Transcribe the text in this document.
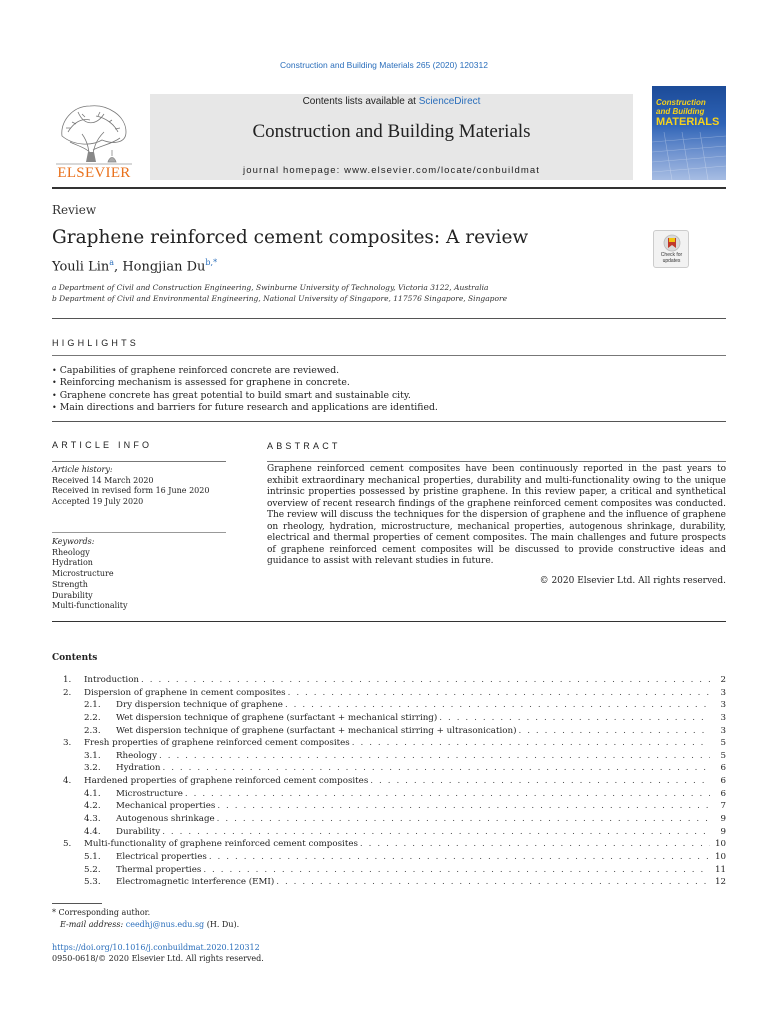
Construction and Building Materials 265 (2020) 120312
ELSEVIER
Contents lists available at ScienceDirect
Construction and Building Materials
journal homepage: www.elsevier.com/locate/conbuildmat
Construction
and Building
MATERIALS
Review
Graphene reinforced cement composites: A review
Check for updates
Youli Lin$^a$, Hongjian $Du^{b,*}$
a Department of Civil and Construction Engineering, Swinburne University of Technology, Victoria 3122, Australia
b Department of Civil and Environmental Engineering, National University of Singapore, 117576 Singapore, Singapore
HIGHLIGHTS
• Capabilities of graphene reinforced concrete are reviewed.
• Reinforcing mechanism is assessed for graphene in concrete.
• Graphene concrete has great potential to build smart and sustainable city.
• Main directions and barriers for future research and applications are identified.
ARTICLE INFO	ABSTRACT
Article history:
Received 14 March 2020
Received in revised form 16 June 2020
Accepted 19 July 2020
Keywords:
Rheology
Hydration
Microstructure
Strength
Durability
Multi-functionality
Graphene reinforced cement composites have been continuously reported in the past years to exhibit extraordinary mechanical properties, durability and multi-functionality owing to the unique intrinsic properties possessed by pristine graphene. In this review paper, a critical and synthetical overview of recent research findings of the graphene reinforced cement composites was conducted. The review will discuss the techniques for the dispersion of graphene and the influence of graphene on rheology, hydration, microstructure, mechanical properties, autogenous shrinkage, durability, electrical and thermal properties of cement composites. The main challenges and future prospects of graphene reinforced cement composites will be discussed to provide constructive ideas and guidance to assist with relevant studies in future.
© 2020 Elsevier Ltd. All rights reserved.
Contents
1.	Introduction . . .	2
2.	Dispersion of graphene in cement composites . . .	3
2.1.	Dry dispersion technique of graphene . . .	3
2.2.	Wet dispersion technique of graphene (surfactant + mechanical stirring) . . .	3
2.3.	Wet dispersion technique of graphene (surfactant + mechanical stirring + ultrasonication) . . .	3
3.	Fresh properties of graphene reinforced cement composites . . .	5
3.1.	Rheology . . .	5
3.2.	Hydration . . .	6
4.	Hardened properties of graphene reinforced cement composites . . .	6
4.1.	Microstructure . . .	6
4.2.	Mechanical properties . . .	7
4.3.	Autogenous shrinkage . . .	9
4.4.	Durability . . .	9
5.	Multi-functionality of graphene reinforced cement composites . . .	10
5.1.	Electrical properties . . .	10
5.2.	Thermal properties . . .	11
5.3.	Electromagnetic interference (EMI) . . .	12
* Corresponding author.
E-mail address: ceedhj@nus.edu.sg (H. Du).
https://doi.org/10.1016/j.conbuildmat.2020.120312
0950-0618/© 2020 Elsevier Ltd. All rights reserved.
